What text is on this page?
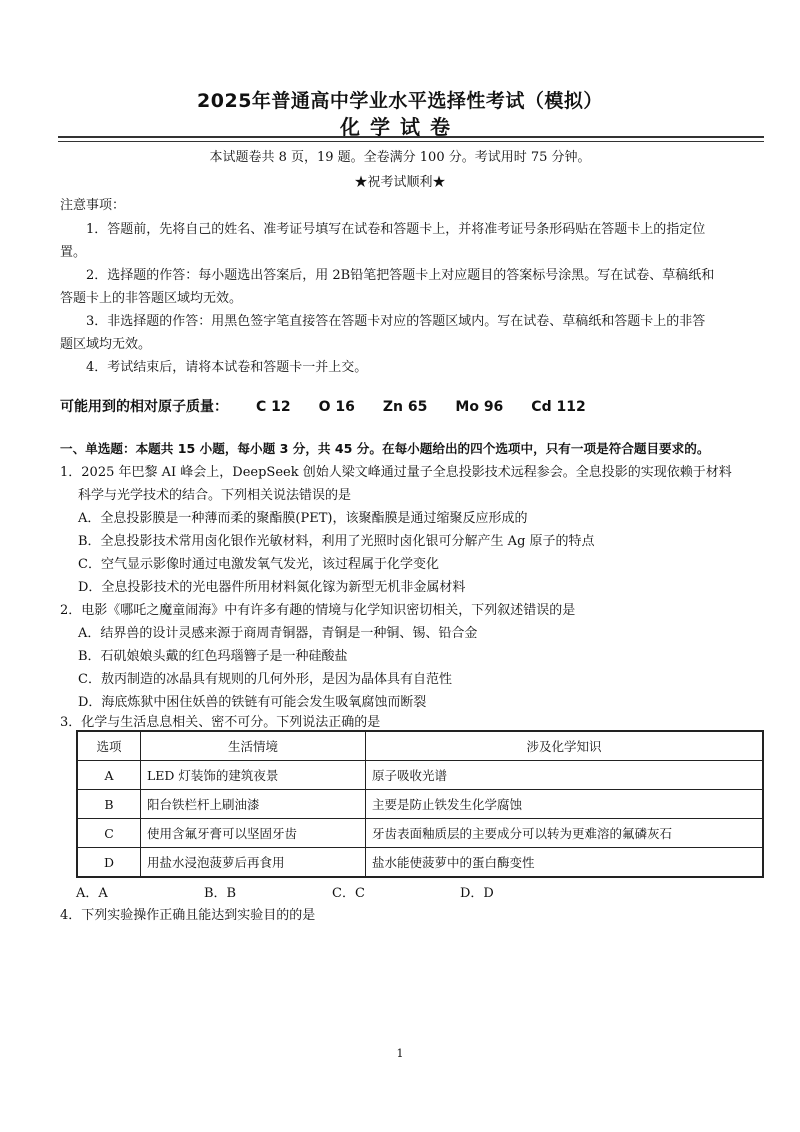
2025年普通高中学业水平选择性考试（模拟）
化学试卷
本试题卷共 8 页，19 题。全卷满分 100 分。考试用时 75 分钟。
★祝考试顺利★
注意事项：
1．答题前，先将自己的姓名、准考证号填写在试卷和答题卡上，并将准考证号条形码贴在答题卡上的指定位
置。
2．选择题的作答：每小题选出答案后，用 2B铅笔把答题卡上对应题目的答案标号涂黑。写在试卷、草稿纸和
答题卡上的非答题区域均无效。
3．非选择题的作答：用黑色签字笔直接答在答题卡对应的答题区域内。写在试卷、草稿纸和答题卡上的非答
题区域均无效。
4．考试结束后，请将本试卷和答题卡一并上交。
可能用到的相对原子质量： C 12 O 16 Zn 65 Mo 96 Cd 112
一、单选题：本题共 15 小题，每小题 3 分，共 45 分。在每小题给出的四个选项中，只有一项是符合题目要求的。
1．2025 年巴黎 AI 峰会上，DeepSeek 创始人梁文峰通过量子全息投影技术远程参会。全息投影的实现依赖于材料
科学与光学技术的结合。下列相关说法错误的是
A．全息投影膜是一种薄而柔的聚酯膜(PET)，该聚酯膜是通过缩聚反应形成的
B．全息投影技术常用卤化银作光敏材料，利用了光照时卤化银可分解产生 Ag 原子的特点
C．空气显示影像时通过电激发氧气发光，该过程属于化学变化
D．全息投影技术的光电器件所用材料氮化镓为新型无机非金属材料
2．电影《哪吒之魔童闹海》中有许多有趣的情境与化学知识密切相关，下列叙述错误的是
A．结界兽的设计灵感来源于商周青铜器，青铜是一种铜、锡、铅合金
B．石矶娘娘头戴的红色玛瑙簪子是一种硅酸盐
C．敖丙制造的冰晶具有规则的几何外形，是因为晶体具有自范性
D．海底炼狱中困住妖兽的铁链有可能会发生吸氧腐蚀而断裂
3．化学与生活息息相关、密不可分。下列说法正确的是
选项	生活情境	涉及化学知识
A	LED 灯装饰的建筑夜景	原子吸收光谱
B	阳台铁栏杆上刷油漆	主要是防止铁发生化学腐蚀
C	使用含氟牙膏可以坚固牙齿	牙齿表面釉质层的主要成分可以转为更难溶的氟磷灰石
D	用盐水浸泡菠萝后再食用	盐水能使菠萝中的蛋白酶变性
A．A	B．B	C．C	D．D
4．下列实验操作正确且能达到实验目的的是
1
